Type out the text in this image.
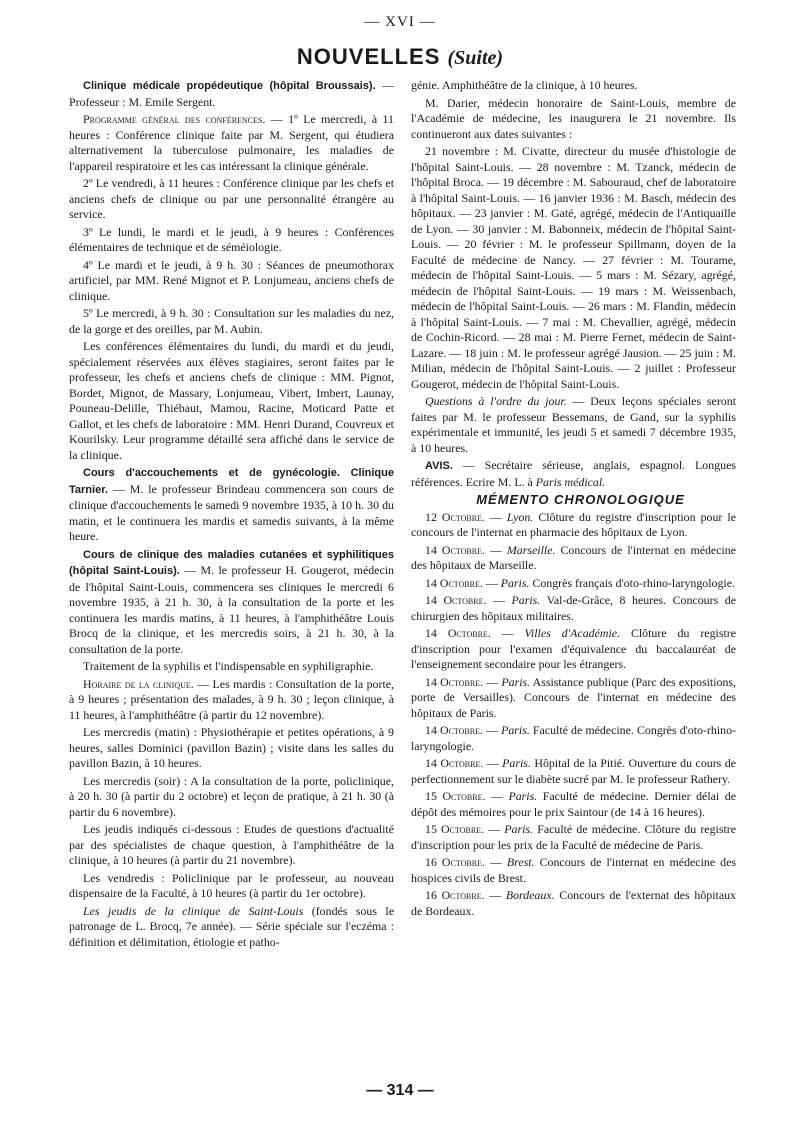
— XVI —
NOUVELLES (Suite)

Clinique médicale propédeutique (hôpital Broussais). — Professeur : M. Emile Sergent.

Programme général des conférences. — 1º Le mercredi, à 11 heures : Conférence clinique faite par M. Sergent, qui étudiera alternativement la tuberculose pulmonaire, les maladies de l'appareil respiratoire et les cas intéressant la clinique générale.

2º Le vendredi, à 11 heures : Conférence clinique par les chefs et anciens chefs de clinique ou par une personnalité étrangère au service.

3º Le lundi, le mardi et le jeudi, à 9 heures : Conférences élémentaires de technique et de séméiologie.

4º Le mardi et le jeudi, à 9 h. 30 : Séances de pneumothorax artificiel, par MM. René Mignot et P. Lonjumeau, anciens chefs de clinique.

5º Le mercredi, à 9 h. 30 : Consultation sur les maladies du nez, de la gorge et des oreilles, par M. Aubin.

Les conférences élémentaires du lundi, du mardi et du jeudi, spécialement réservées aux élèves stagiaires, seront faites par le professeur, les chefs et anciens chefs de clinique : MM. Pignot, Bordet, Mignot, de Massary, Lonjumeau, Vibert, Imbert, Launay, Pouneau-Delille, Thiébaut, Mamou, Racine, Moticard Patte et Gallot, et les chefs de laboratoire : MM. Henri Durand, Couvreux et Kourilsky. Leur programme détaillé sera affiché dans le service de la clinique.

Cours d'accouchements et de gynécologie. Clinique Tarnier. — M. le professeur Brindeau commencera son cours de clinique d'accouchements le samedi 9 novembre 1935, à 10 h. 30 du matin, et le continuera les mardis et samedis suivants, à la même heure.

Cours de clinique des maladies cutanées et syphilitiques (hôpital Saint-Louis). — M. le professeur H. Gougerot, médecin de l'hôpital Saint-Louis, commencera ses cliniques le mercredi 6 novembre 1935, à 21 h. 30, à la consultation de la porte et les continuera les mardis matins, à 11 heures, à l'amphithéâtre Louis Brocq de la clinique, et les mercredis soirs, à 21 h. 30, à la consultation de la porte.

Traitement de la syphilis et l'indispensable en syphiligraphie.

Horaire de la clinique. — Les mardis : Consultation de la porte, à 9 heures ; présentation des malades, à 9 h. 30 ; leçon clinique, à 11 heures, à l'amphithéâtre (à partir du 12 novembre).

Les mercredis (matin) : Physiothérapie et petites opérations, à 9 heures, salles Dominici (pavillon Bazin) ; visite dans les salles du pavillon Bazin, à 10 heures.

Les mercredis (soir) : A la consultation de la porte, policlinique, à 20 h. 30 (à partir du 2 octobre) et leçon de pratique, à 21 h. 30 (à partir du 6 novembre).

Les jeudis indiqués ci-dessous : Etudes de questions d'actualité par des spécialistes de chaque question, à l'amphithéâtre de la clinique, à 10 heures (à partir du 21 novembre).

Les vendredis : Policlinique par le professeur, au nouveau dispensaire de la Faculté, à 10 heures (à partir du 1er octobre).

Les jeudis de la clinique de Saint-Louis (fondés sous le patronage de L. Brocq, 7e année). — Série spéciale sur l'eczéma : définition et délimitation, étiologie et patho-

génie. Amphithéâtre de la clinique, à 10 heures.

M. Darier, médecin honoraire de Saint-Louis, membre de l'Académie de médecine, les inaugurera le 21 novembre. Ils continueront aux dates suivantes :

21 novembre : M. Civatte, directeur du musée d'histologie de l'hôpital Saint-Louis. — 28 novembre : M. Tzanck, médecin de l'hôpital Broca. — 19 décembre : M. Sabouraud, chef de laboratoire à l'hôpital Saint-Louis. — 16 janvier 1936 : M. Basch, médecin des hôpitaux. — 23 janvier : M. Gaté, agrégé, médecin de l'Antiquaille de Lyon. — 30 janvier : M. Babonneix, médecin de l'hôpital Saint-Louis. — 20 février : M. le professeur Spillmann, doyen de la Faculté de médecine de Nancy. — 27 février : M. Tourame, médecin de l'hôpital Saint-Louis. — 5 mars : M. Sézary, agrégé, médecin de l'hôpital Saint-Louis. — 19 mars : M. Weissenbach, médecin de l'hôpital Saint-Louis. — 26 mars : M. Flandin, médecin à l'hôpital Saint-Louis. — 7 mai : M. Chevallier, agrégé, médecin de Cochin-Ricord. — 28 mai : M. Pierre Fernet, médecin de Saint-Lazare. — 18 juin : M. le professeur agrégé Jausion. — 25 juin : M. Milian, médecin de l'hôpital Saint-Louis. — 2 juillet : Professeur Gougerot, médecin de l'hôpital Saint-Louis.

Questions à l'ordre du jour. — Deux leçons spéciales seront faites par M. le professeur Bessemans, de Gand, sur la syphilis expérimentale et immunité, les jeudi 5 et samedi 7 décembre 1935, à 10 heures.

AVIS. — Secrétaire sérieuse, anglais, espagnol. Longues références. Ecrire M. L. à Paris médical.

MÉMENTO CHRONOLOGIQUE

12 Octobre. — Lyon. Clôture du registre d'inscription pour le concours de l'internat en pharmacie des hôpitaux de Lyon.

14 Octobre. — Marseille. Concours de l'internat en médecine des hôpitaux de Marseille.

14 Octobre. — Paris. Congrès français d'oto-rhino-laryngologie.

14 Octobre. — Paris. Val-de-Grâce, 8 heures. Concours de chirurgien des hôpitaux militaires.

14 Octobre. — Villes d'Académie. Clôture du registre d'inscription pour l'examen d'équivalence du baccalauréat de l'enseignement secondaire pour les étrangers.

14 Octobre. — Paris. Assistance publique (Parc des expositions, porte de Versailles). Concours de l'internat en médecine des hôpitaux de Paris.

14 Octobre. — Paris. Faculté de médecine. Congrès d'oto-rhino-laryngologie.

14 Octobre. — Paris. Hôpital de la Pitié. Ouverture du cours de perfectionnement sur le diabète sucré par M. le professeur Rathery.

15 Octobre. — Paris. Faculté de médecine. Dernier délai de dépôt des mémoires pour le prix Saintour (de 14 à 16 heures).

15 Octobre. — Paris. Faculté de médecine. Clôture du registre d'inscription pour les prix de la Faculté de médecine de Paris.

16 Octobre. — Brest. Concours de l'internat en médecine des hospices civils de Brest.

16 Octobre. — Bordeaux. Concours de l'externat des hôpitaux de Bordeaux.

— 314 —
